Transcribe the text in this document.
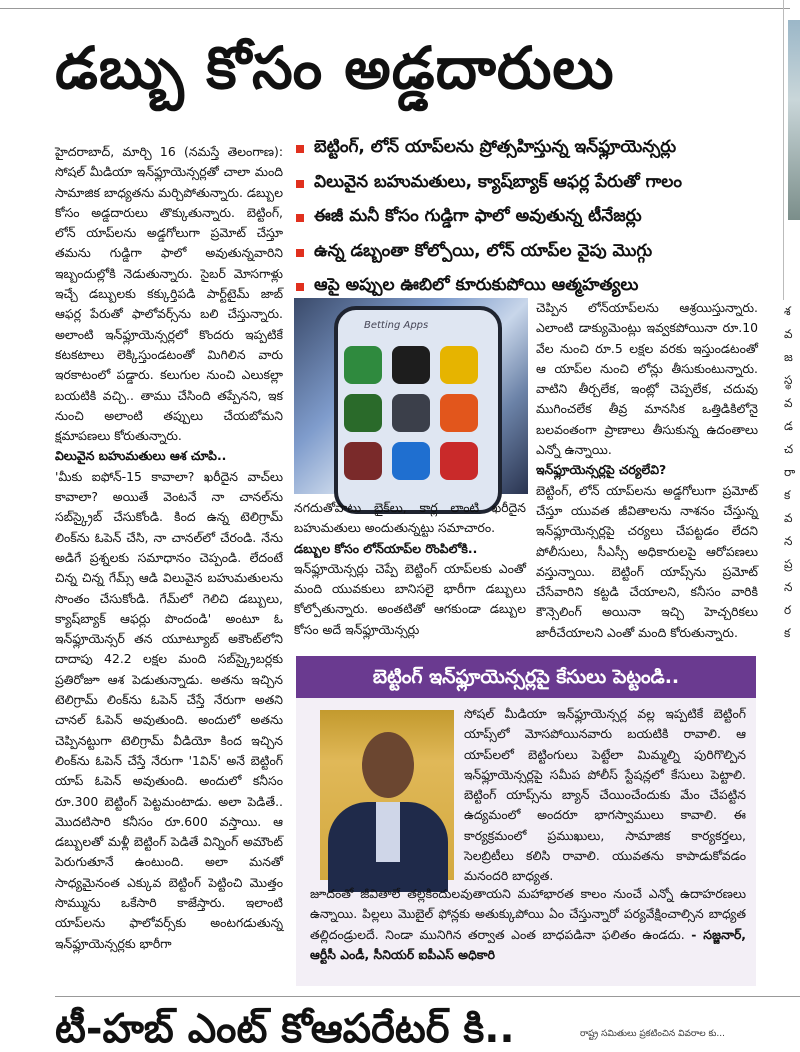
డబ్బు కోసం అడ్డదారులు
బెట్టింగ్, లోన్ యాప్‌లను ప్రోత్సహిస్తున్న ఇన్‌ఫ్లూయెన్సర్లు
విలువైన బహుమతులు, క్యాష్‌బ్యాక్ ఆఫర్ల పేరుతో గాలం
ఈజీ మనీ కోసం గుడ్డిగా ఫాలో అవుతున్న టీనేజర్లు
ఉన్న డబ్బంతా కోల్పోయి, లోన్ యాప్‌ల వైపు మొగ్గు
ఆపై అప్పుల ఊబిలో కూరుకుపోయి ఆత్మహత్యలు

హైదరాబాద్, మార్చి 16 (నమస్తే తెలంగాణ): సోషల్ మీడియా ఇన్‌ఫ్లూయెన్సర్లతో చాలా మంది సామాజిక బాధ్యతను మర్చిపోతున్నారు. డబ్బుల కోసం అడ్డదారులు తొక్కుతున్నారు. బెట్టింగ్, లోన్ యాప్‌లను అడ్డగోలుగా ప్రమోట్ చేస్తూ తమను గుడ్డిగా ఫాలో అవుతున్నవారిని ఇబ్బందుల్లోకి నెడుతున్నారు. సైబర్ మోసగాళ్లు ఇచ్చే డబ్బులకు కక్కుర్తిపడి పార్ట్‌టైమ్ జాబ్ ఆఫర్ల పేరుతో ఫాలోవర్స్‌ను బలి చేస్తున్నారు. అలాంటి ఇన్‌ఫ్లూయెన్సర్లలో కొందరు ఇప్పటికే కటకటాలు లెక్కిస్తుండటంతో మిగిలిన వారు ఇరకాటంలో పడ్డారు. కలుగుల నుంచి ఎలుకల్లా బయటికి వచ్చి.. తాము చేసింది తప్పేనని, ఇక నుంచి అలాంటి తప్పులు చేయబోమని క్షమాపణలు కోరుతున్నారు.

విలువైన బహుమతులు ఆశ చూపి..

'మీకు ఐఫోన్-15 కావాలా? ఖరీదైన వాచ్‌లు కావాలా? అయితే వెంటనే నా చానల్‌ను సబ్‌స్క్రైబ్ చేసుకోండి. కింద ఉన్న టెలిగ్రామ్ లింక్‌ను ఓపెన్ చేసి, నా చానల్‌లో చేరండి. నేను అడిగే ప్రశ్నలకు సమాధానం చెప్పండి. లేదంటే చిన్న చిన్న గేమ్స్ ఆడి విలువైన బహుమతులను సొంతం చేసుకోండి. గేమ్‌లో గెలిచి డబ్బులు, క్యాష్‌బ్యాక్ ఆఫర్లు పొందండి' అంటూ ఓ ఇన్‌ఫ్లూయెన్సర్ తన యూట్యూబ్ అకౌంట్‌లోని దాదాపు 42.2 లక్షల మంది సబ్‌స్క్రైబర్లకు ప్రతిరోజూ ఆశ పెడుతున్నాడు. అతను ఇచ్చిన టెలిగ్రామ్ లింక్‌ను ఓపెన్ చేస్తే నేరుగా అతని చానల్ ఓపెన్ అవుతుంది. అందులో అతను చెప్పినట్టుగా టెలిగ్రామ్ వీడియో కింద ఇచ్చిన లింక్‌ను ఓపెన్ చేస్తే నేరుగా '1విన్' అనే బెట్టింగ్ యాప్ ఓపెన్ అవుతుంది. అందులో కనీసం రూ.300 బెట్టింగ్ పెట్టమంటాడు. అలా పెడితే.. మొదటిసారి కనీసం రూ.600 వస్తాయి. ఆ డబ్బులతో మళ్లీ బెట్టింగ్ పెడితే విన్నింగ్ అమౌంట్ పెరుగుతూనే ఉంటుంది. అలా మనతో సాధ్యమైనంత ఎక్కువ బెట్టింగ్ పెట్టించి మొత్తం సొమ్మును ఒకేసారి కాజేస్తారు. ఇలాంటి యాప్‌లను ఫాలోవర్స్‌కు అంటగడుతున్న ఇన్‌ఫ్లూయెన్సర్లకు భారీగా

Betting Apps

నగదుతోపాటు బైక్‌లు, కార్ల లాంటి ఖరీదైన బహుమతులు అందుతున్నట్టు సమాచారం.

డబ్బుల కోసం లోన్‌యాప్‌ల రొంపిలోకి..

ఇన్‌ఫ్లూయెన్సర్లు చెప్పే బెట్టింగ్ యాప్‌లకు ఎంతో మంది యువకులు బానిసలై భారీగా డబ్బులు కోల్పోతున్నారు. అంతటితో ఆగకుండా డబ్బుల కోసం అదే ఇన్‌ఫ్లూయెన్సర్లు

చెప్పిన లోన్‌యాప్‌లను ఆశ్రయిస్తున్నారు. ఎలాంటి డాక్యుమెంట్లు ఇవ్వకపోయినా రూ.10 వేల నుంచి రూ.5 లక్షల వరకు ఇస్తుండటంతో ఆ యాప్‌ల నుంచి లోన్లు తీసుకుంటున్నారు. వాటిని తీర్చలేక, ఇంట్లో చెప్పలేక, చదువు ముగించలేక తీవ్ర మానసిక ఒత్తిడికిలోనై బలవంతంగా ప్రాణాలు తీసుకున్న ఉదంతాలు ఎన్నో ఉన్నాయి.

ఇన్‌ఫ్లూయెన్సర్లపై చర్యలేవి?

బెట్టింగ్, లోన్ యాప్‌లను అడ్డగోలుగా ప్రమోట్ చేస్తూ యువత జీవితాలను నాశనం చేస్తున్న ఇన్‌ఫ్లూయెన్సర్లపై చర్యలు చేపట్టడం లేదని పోలీసులు, సీఎస్సీ అధికారులపై ఆరోపణలు వస్తున్నాయి. బెట్టింగ్ యాప్స్‌ను ప్రమోట్ చేసేవారిని కట్టడి చేయాలని, కనీసం వారికి కౌన్సెలింగ్ అయినా ఇచ్చి హెచ్చరికలు జారీచేయాలని ఎంతో మంది కోరుతున్నారు.

బెట్టింగ్ ఇన్‌ఫ్లూయెన్సర్లపై కేసులు పెట్టండి..
సోషల్ మీడియా ఇన్‌ఫ్లూయెన్సర్ల వల్ల ఇప్పటికే బెట్టింగ్ యాప్స్‌లో మోసపోయినవారు బయటికి రావాలి. ఆ యాప్‌లలో బెట్టింగులు పెట్టేలా మిమ్మల్ని పురిగొల్పిన ఇన్‌ఫ్లూయెన్సర్లపై సమీప పోలీస్ స్టేషన్లలో కేసులు పెట్టాలి. బెట్టింగ్ యాప్స్‌ను బ్యాన్ చేయించేందుకు మేం చేపట్టిన ఉద్యమంలో అందరూ భాగస్వాములు కావాలి. ఈ కార్యక్రమంలో ప్రముఖులు, సామాజిక కార్యకర్తలు, సెలబ్రిటీలు కలిసి రావాలి. యువతను కాపాడుకోవడం మనందరి బాధ్యత.
జూదంతో జీవితాలే తల్లకిందులవుతాయని మహాభారత కాలం నుంచే ఎన్నో ఉదాహరణలు ఉన్నాయి. పిల్లలు మొబైల్ ఫోన్లకు అతుక్కుపోయి ఏం చేస్తున్నారో పర్యవేక్షించాల్సిన బాధ్యత తల్లిదండ్రులదే. నిండా మునిగిన తర్వాత ఎంత బాధపడినా ఫలితం ఉండదు. - సజ్జనార్, ఆర్టీసీ ఎండీ, సీనియర్ ఐపీఎస్ అధికారి
శ
వ
జ
స్థ
వ
డ
చ
రా
క
వ
న
ప్ర
న
ర
క
టీ-హబ్ ఎంట్ కోఆపరేటర్ కి..	రాష్ట్ర సమితులు ప్రకటించిన వివరాల కు...
